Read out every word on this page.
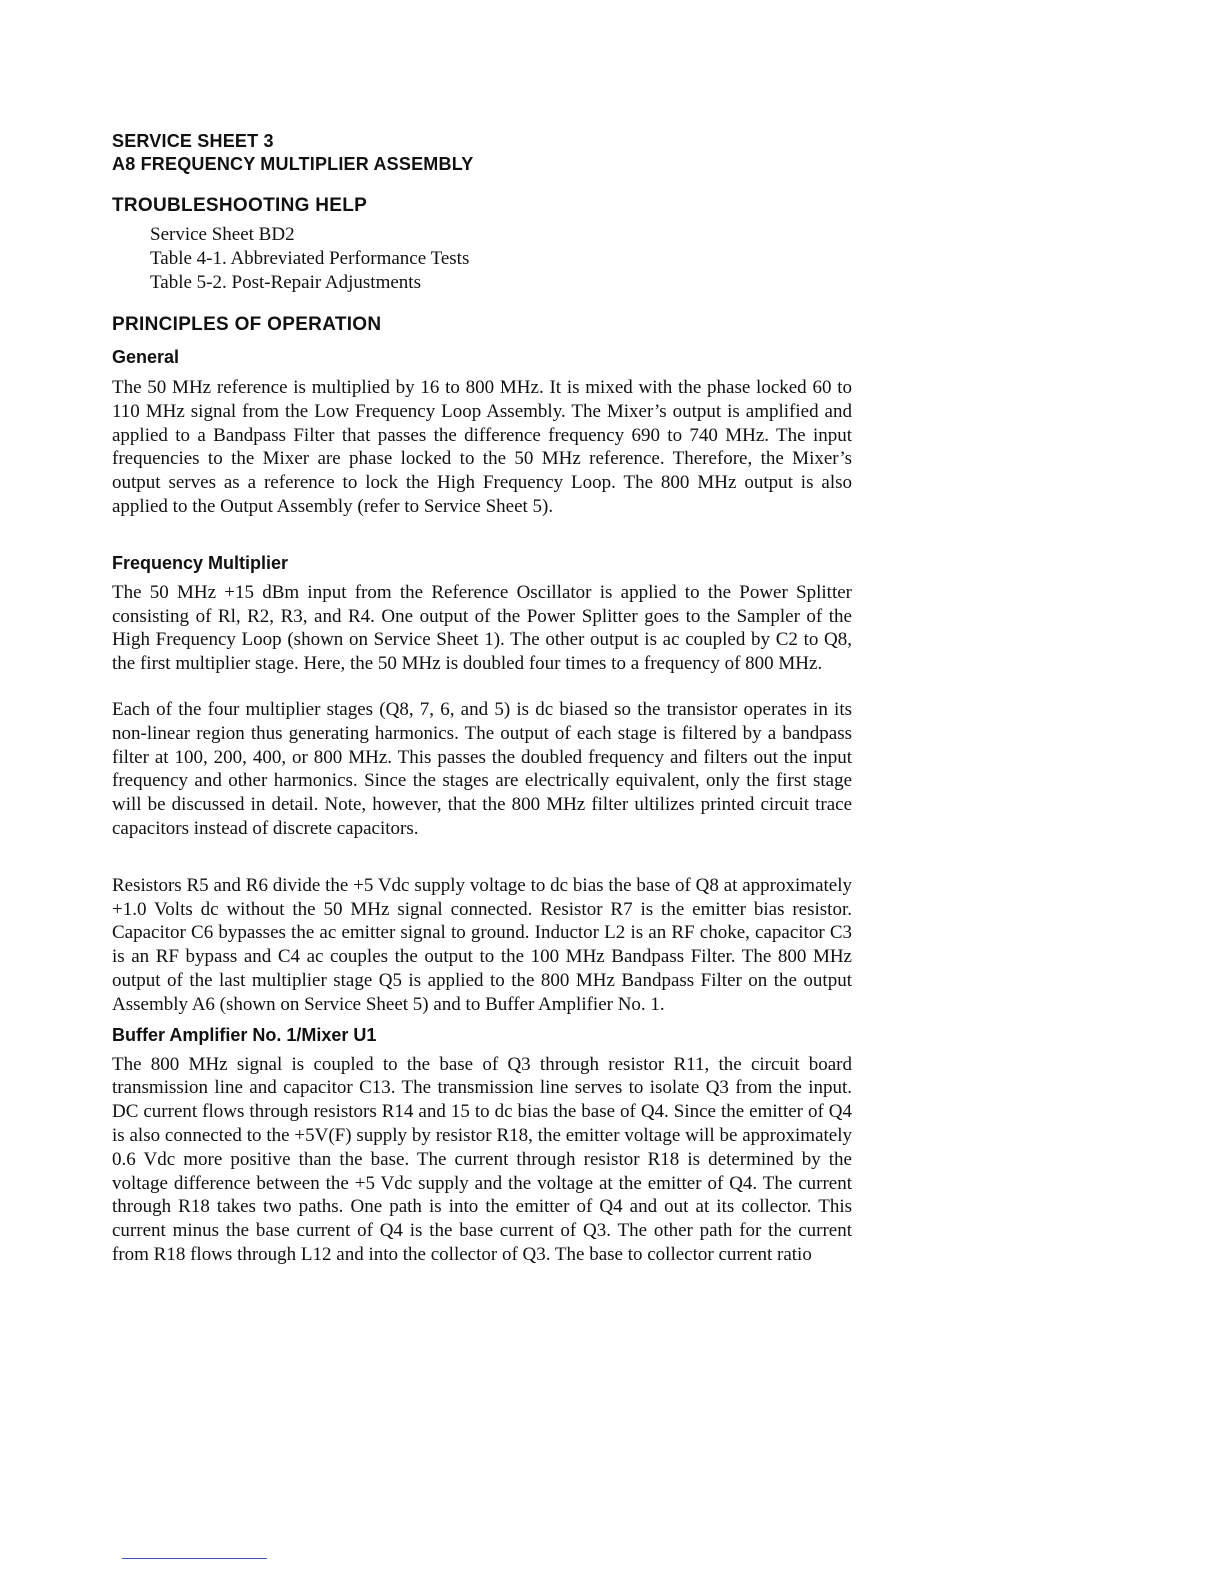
SERVICE SHEET 3
A8 FREQUENCY MULTIPLIER ASSEMBLY
TROUBLESHOOTING HELP
Service Sheet BD2
Table 4-1. Abbreviated Performance Tests
Table 5-2. Post-Repair Adjustments
PRINCIPLES OF OPERATION
General

The 50 MHz reference is multiplied by 16 to 800 MHz. It is mixed with the phase locked 60 to 110 MHz signal from the Low Frequency Loop Assembly. The Mixer’s output is amplified and applied to a Bandpass Filter that passes the difference frequency 690 to 740 MHz. The input frequencies to the Mixer are phase locked to the 50 MHz reference. Therefore, the Mixer’s output serves as a reference to lock the High Frequency Loop. The 800 MHz output is also applied to the Output Assembly (refer to Service Sheet 5).

Frequency Multiplier

The 50 MHz +15 dBm input from the Reference Oscillator is applied to the Power Splitter consisting of Rl, R2, R3, and R4. One output of the Power Splitter goes to the Sampler of the High Frequency Loop (shown on Service Sheet 1). The other output is ac coupled by C2 to Q8, the first multiplier stage. Here, the 50 MHz is doubled four times to a frequency of 800 MHz.

Each of the four multiplier stages (Q8, 7, 6, and 5) is dc biased so the transistor operates in its non-linear region thus generating harmonics. The output of each stage is filtered by a bandpass filter at 100, 200, 400, or 800 MHz. This passes the doubled frequency and filters out the input frequency and other harmonics. Since the stages are electrically equivalent, only the first stage will be discussed in detail. Note, however, that the 800 MHz filter ultilizes printed circuit trace capacitors instead of discrete capacitors.

Resistors R5 and R6 divide the +5 Vdc supply voltage to dc bias the base of Q8 at approximately +1.0 Volts dc without the 50 MHz signal connected. Resistor R7 is the emitter bias resistor. Capacitor C6 bypasses the ac emitter signal to ground. Inductor L2 is an RF choke, capacitor C3 is an RF bypass and C4 ac couples the output to the 100 MHz Bandpass Filter. The 800 MHz output of the last multiplier stage Q5 is applied to the 800 MHz Bandpass Filter on the output Assembly A6 (shown on Service Sheet 5) and to Buffer Amplifier No. 1.

Buffer Amplifier No. 1/Mixer U1

The 800 MHz signal is coupled to the base of Q3 through resistor R11, the circuit board transmission line and capacitor C13. The transmission line serves to isolate Q3 from the input. DC current flows through resistors R14 and 15 to dc bias the base of Q4. Since the emitter of Q4 is also connected to the +5V(F) supply by resistor R18, the emitter voltage will be approximately 0.6 Vdc more positive than the base. The current through resistor R18 is determined by the voltage difference between the +5 Vdc supply and the voltage at the emitter of Q4. The current through R18 takes two paths. One path is into the emitter of Q4 and out at its collector. This current minus the base current of Q4 is the base current of Q3. The other path for the current from R18 flows through L12 and into the collector of Q3. The base to collector current ratio
